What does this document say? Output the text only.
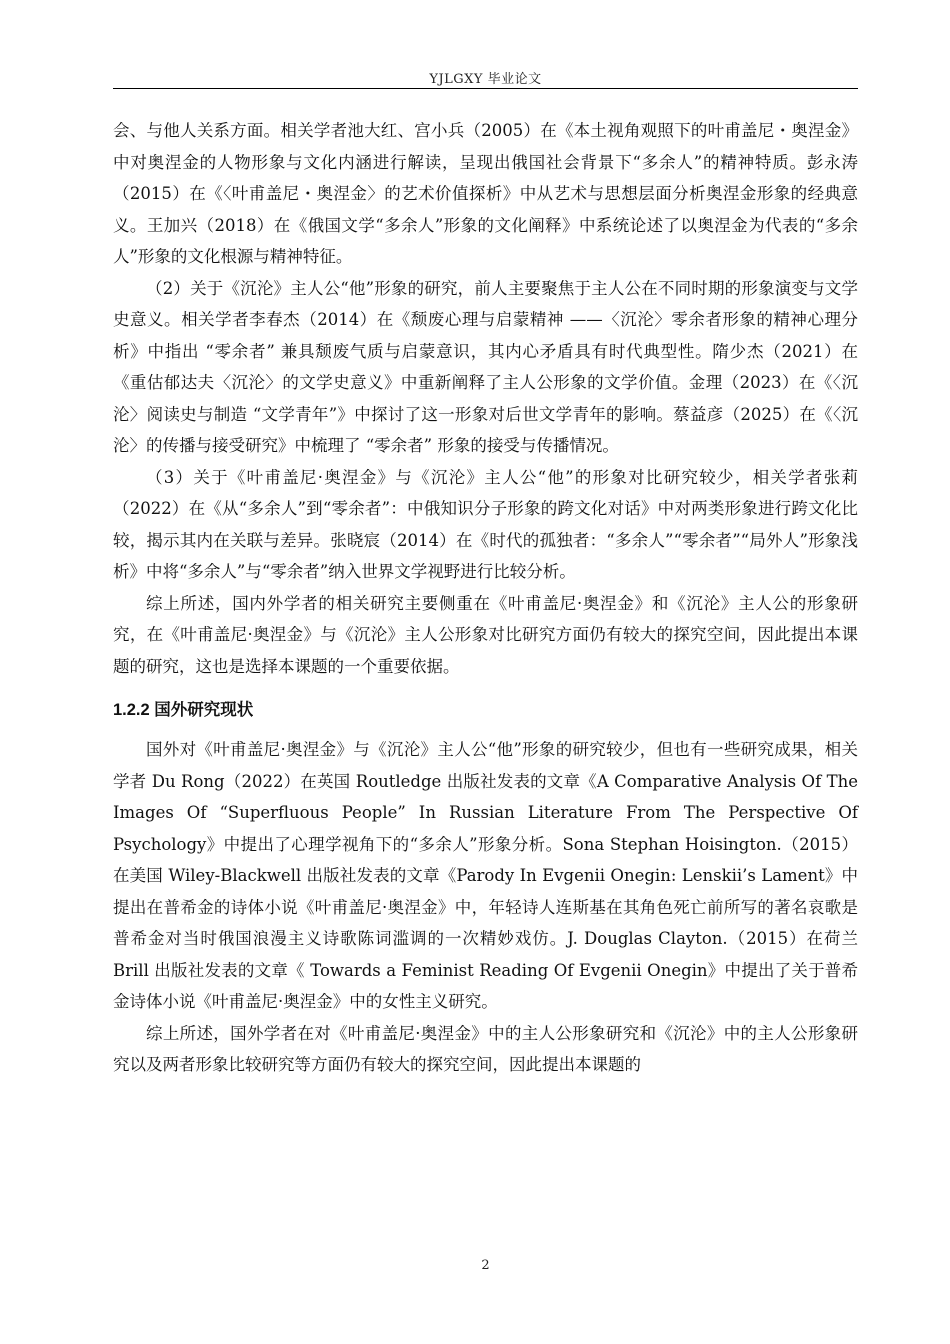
YJLGXY 毕业论文

会、与他人关系方面。相关学者池大红、宫小兵（2005）在《本土视角观照下的叶甫盖尼・奥涅金》中对奥涅金的人物形象与文化内涵进行解读，呈现出俄国社会背景下“多余人”的精神特质。彭永涛（2015）在《〈叶甫盖尼・奥涅金〉的艺术价值探析》中从艺术与思想层面分析奥涅金形象的经典意义。王加兴（2018）在《俄国文学“多余人”形象的文化阐释》中系统论述了以奥涅金为代表的“多余人”形象的文化根源与精神特征。

（2）关于《沉沦》主人公“他”形象的研究，前人主要聚焦于主人公在不同时期的形象演变与文学史意义。相关学者李春杰（2014）在《颓废心理与启蒙精神 ——〈沉沦〉零余者形象的精神心理分析》中指出 “零余者” 兼具颓废气质与启蒙意识，其内心矛盾具有时代典型性。隋少杰（2021）在《重估郁达夫〈沉沦〉的文学史意义》中重新阐释了主人公形象的文学价值。金理（2023）在《〈沉沦〉阅读史与制造 “文学青年”》中探讨了这一形象对后世文学青年的影响。蔡益彦（2025）在《〈沉沦〉的传播与接受研究》中梳理了 “零余者” 形象的接受与传播情况。

（3）关于《叶甫盖尼·奥涅金》与《沉沦》主人公“他”的形象对比研究较少，相关学者张莉（2022）在《从“多余人”到“零余者”：中俄知识分子形象的跨文化对话》中对两类形象进行跨文化比较，揭示其内在关联与差异。张晓宸（2014）在《时代的孤独者：“多余人”“零余者”“局外人”形象浅析》中将“多余人”与“零余者”纳入世界文学视野进行比较分析。

综上所述，国内外学者的相关研究主要侧重在《叶甫盖尼·奥涅金》和《沉沦》主人公的形象研究，在《叶甫盖尼·奥涅金》与《沉沦》主人公形象对比研究方面仍有较大的探究空间，因此提出本课题的研究，这也是选择本课题的一个重要依据。

1.2.2 国外研究现状

国外对《叶甫盖尼·奥涅金》与《沉沦》主人公“他”形象的研究较少，但也有一些研究成果，相关学者 Du Rong（2022）在英国 Routledge 出版社发表的文章《A Comparative Analysis Of The Images Of “Superfluous People” In Russian Literature From The Perspective Of Psychology》中提出了心理学视角下的“多余人”形象分析。Sona Stephan Hoisington.（2015）在美国 Wiley-Blackwell 出版社发表的文章《Parody In Evgenii Onegin: Lenskii’s Lament》中提出在普希金的诗体小说《叶甫盖尼·奥涅金》中，年轻诗人连斯基在其角色死亡前所写的著名哀歌是普希金对当时俄国浪漫主义诗歌陈词滥调的一次精妙戏仿。J. Douglas Clayton.（2015）在荷兰 Brill 出版社发表的文章《 Towards a Feminist Reading Of Evgenii Onegin》中提出了关于普希金诗体小说《叶甫盖尼·奥涅金》中的女性主义研究。

综上所述，国外学者在对《叶甫盖尼·奥涅金》中的主人公形象研究和《沉沦》中的主人公形象研究以及两者形象比较研究等方面仍有较大的探究空间，因此提出本课题的

2
